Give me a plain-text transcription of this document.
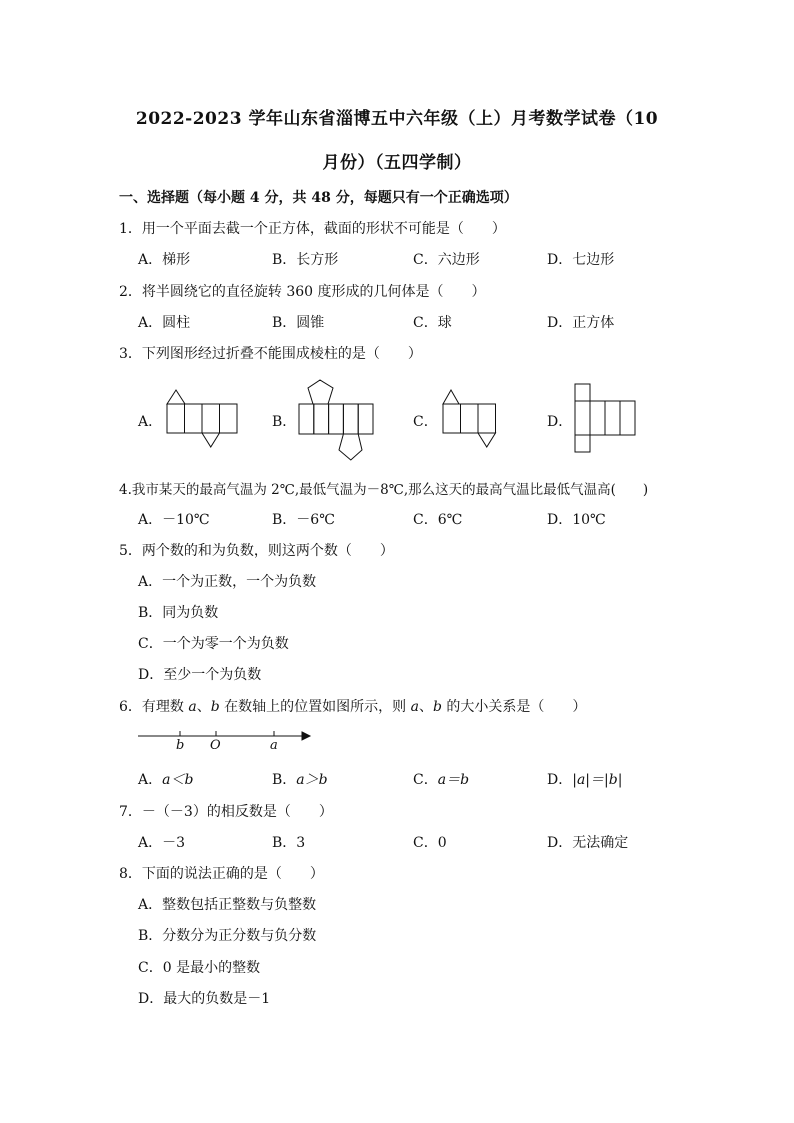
2022-2023 学年山东省淄博五中六年级（上）月考数学试卷（10
月份）（五四学制）
一、选择题（每小题 4 分，共 48 分，每题只有一个正确选项）
1．用一个平面去截一个正方体，截面的形状不可能是（　　）
A．梯形	B．长方形	C．六边形	D．七边形
2．将半圆绕它的直径旋转 360 度形成的几何体是（　　）
A．圆柱	B．圆锥	C．球	D．正方体
3．下列图形经过折叠不能围成棱柱的是（　　）
A．	B．	C．	D．
4.我市某天的最高气温为 2℃,最低气温为－8℃,那么这天的最高气温比最低气温高(　　)
A．－10℃	B．－6℃	C．6℃	D．10℃
5．两个数的和为负数，则这两个数（　　）
A．一个为正数，一个为负数
B．同为负数
C．一个为零一个为负数
D．至少一个为负数
6．有理数 a、b 在数轴上的位置如图所示，则 a、b 的大小关系是（　　）
b O	a
A．a＜b	B．a＞b	C．a＝b	D．|a|＝|b|
7．－（－3）的相反数是（　　）
A．－3	B．3	C．0	D．无法确定
8．下面的说法正确的是（　　）
A．整数包括正整数与负整数
B．分数分为正分数与负分数
C．0 是最小的整数
D．最大的负数是－1
